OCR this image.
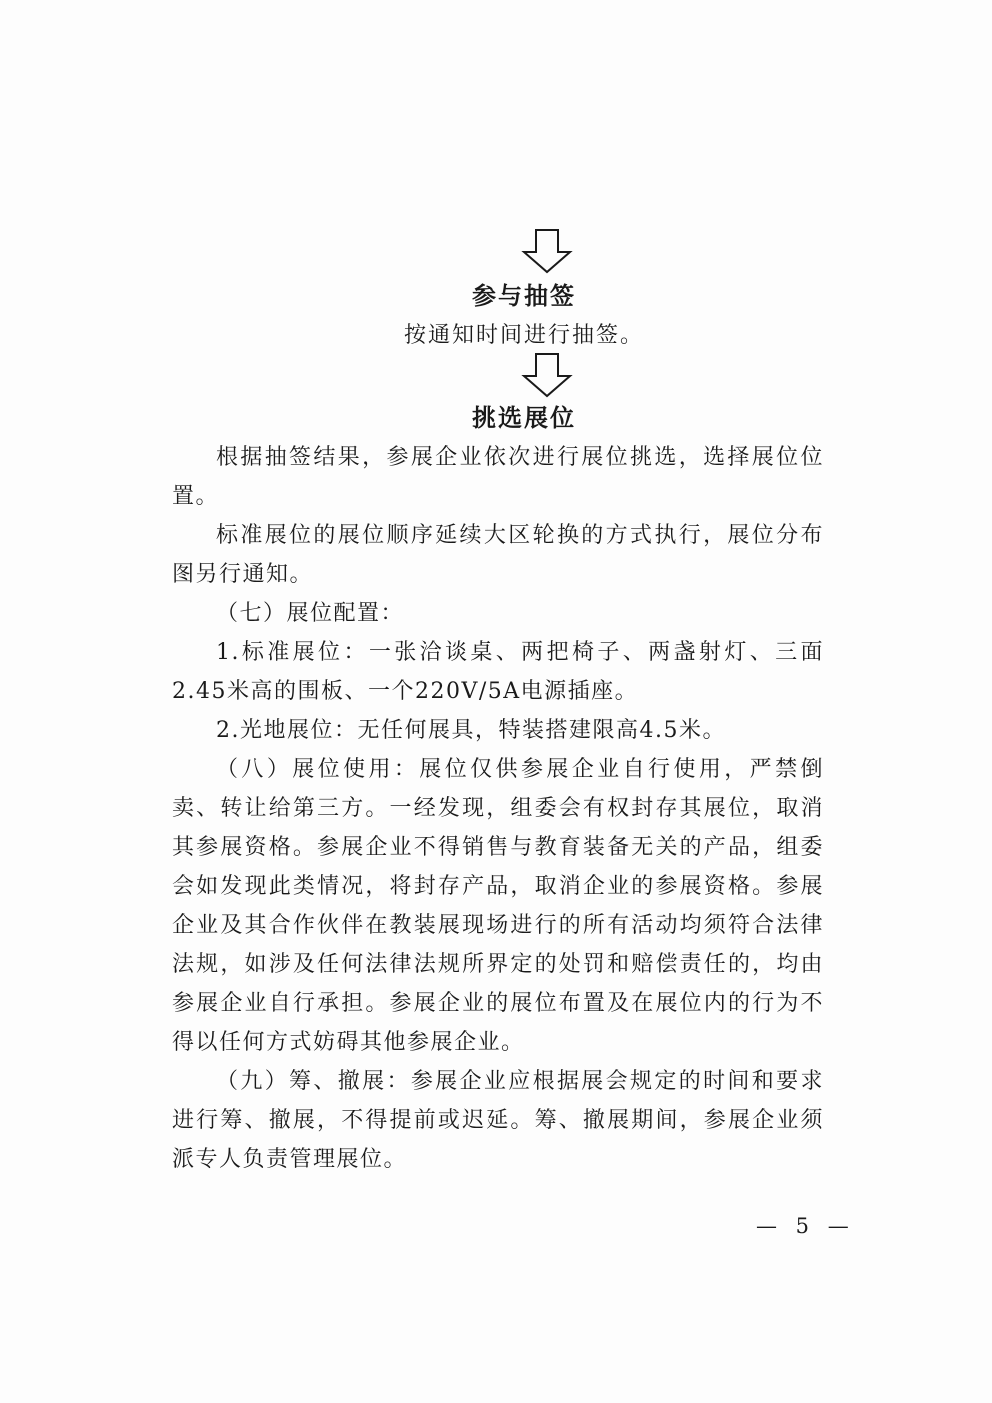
参与抽签
按通知时间进行抽签。
挑选展位

根据抽签结果，参展企业依次进行展位挑选，选择展位位置。

标准展位的展位顺序延续大区轮换的方式执行，展位分布图另行通知。

（七）展位配置：

1.标准展位：一张洽谈桌、两把椅子、两盏射灯、三面2.45米高的围板、一个220V/5A电源插座。

2.光地展位：无任何展具，特装搭建限高4.5米。

（八）展位使用：展位仅供参展企业自行使用，严禁倒卖、转让给第三方。一经发现，组委会有权封存其展位，取消其参展资格。参展企业不得销售与教育装备无关的产品，组委会如发现此类情况，将封存产品，取消企业的参展资格。参展企业及其合作伙伴在教装展现场进行的所有活动均须符合法律法规，如涉及任何法律法规所界定的处罚和赔偿责任的，均由参展企业自行承担。参展企业的展位布置及在展位内的行为不得以任何方式妨碍其他参展企业。

（九）筹、撤展：参展企业应根据展会规定的时间和要求进行筹、撤展，不得提前或迟延。筹、撤展期间，参展企业须派专人负责管理展位。

— 5 —
